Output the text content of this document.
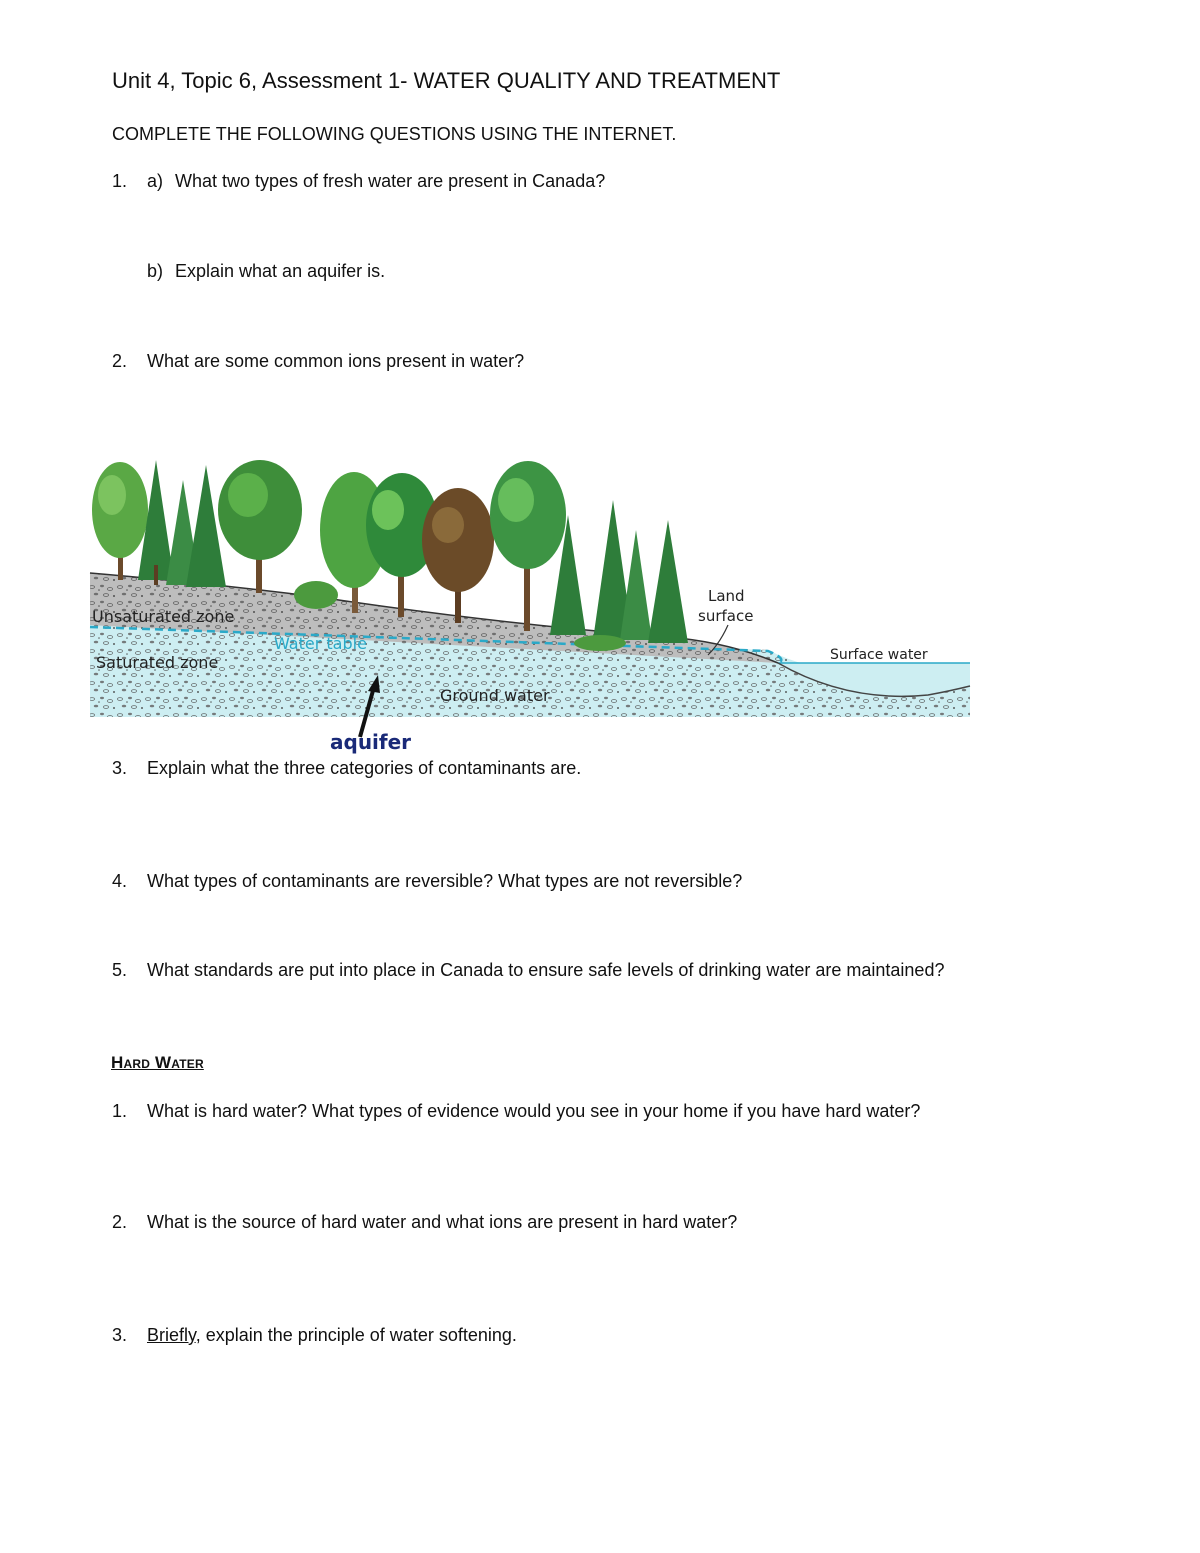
Unit 4, Topic 6, Assessment 1- WATER QUALITY AND TREATMENT
COMPLETE THE FOLLOWING QUESTIONS USING THE INTERNET.
1. a) What two types of fresh water are present in Canada?
b) Explain what an aquifer is.
2. What are some common ions present in water?
Unsaturated zone
Water table
Saturated zone
Ground water
Land
surface
Surface water
aquifer
3. Explain what the three categories of contaminants are.
4. What types of contaminants are reversible? What types are not reversible?
5. What standards are put into place in Canada to ensure safe levels of drinking water are maintained?
Hard Water
1. What is hard water? What types of evidence would you see in your home if you have hard water?
2. What is the source of hard water and what ions are present in hard water?
3. Briefly, explain the principle of water softening.
